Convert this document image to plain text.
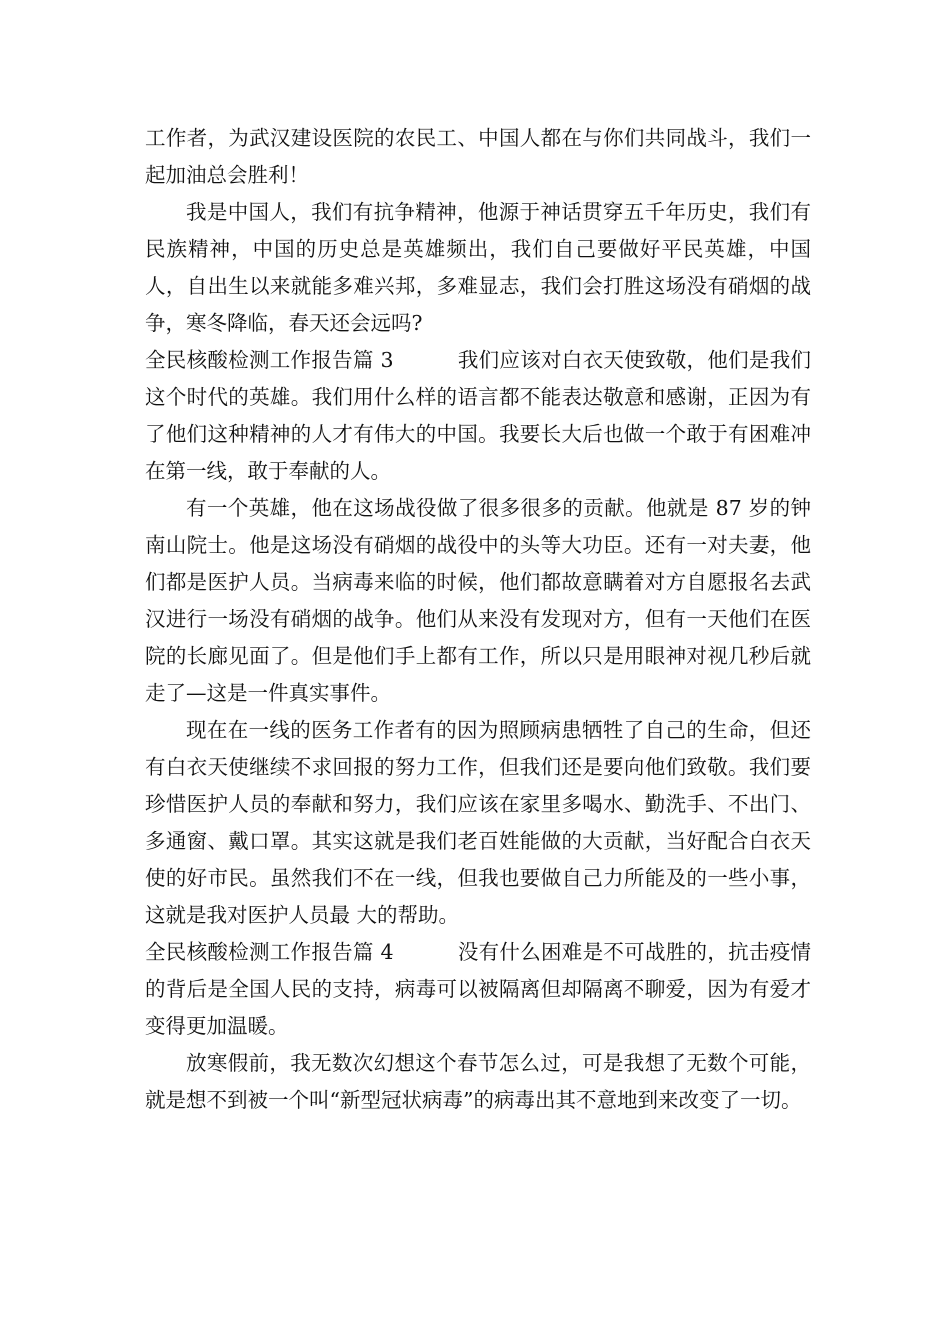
工作者，为武汉建设医院的农民工、中国人都在与你们共同战斗，我们一起加油总会胜利！

我是中国人，我们有抗争精神，他源于神话贯穿五千年历史，我们有民族精神，中国的历史总是英雄频出，我们自己要做好平民英雄，中国人，自出生以来就能多难兴邦，多难显志，我们会打胜这场没有硝烟的战争，寒冬降临，春天还会远吗?

全民核酸检测工作报告篇 3	我们应该对白衣天使致敬，他们是我们这个时代的英雄。我们用什么样的语言都不能表达敬意和感谢，正因为有了他们这种精神的人才有伟大的中国。我要长大后也做一个敢于有困难冲在第一线，敢于奉献的人。

有一个英雄，他在这场战役做了很多很多的贡献。他就是 87 岁的钟南山院士。他是这场没有硝烟的战役中的头等大功臣。还有一对夫妻，他们都是医护人员。当病毒来临的时候，他们都故意瞒着对方自愿报名去武汉进行一场没有硝烟的战争。他们从来没有发现对方，但有一天他们在医院的长廊见面了。但是他们手上都有工作，所以只是用眼神对视几秒后就走了—这是一件真实事件。

现在在一线的医务工作者有的因为照顾病患牺牲了自己的生命，但还有白衣天使继续不求回报的努力工作，但我们还是要向他们致敬。我们要珍惜医护人员的奉献和努力，我们应该在家里多喝水、勤洗手、不出门、多通窗、戴口罩。其实这就是我们老百姓能做的大贡献，当好配合白衣天使的好市民。虽然我们不在一线，但我也要做自己力所能及的一些小事，这就是我对医护人员最 大的帮助。

全民核酸检测工作报告篇 4	没有什么困难是不可战胜的，抗击疫情的背后是全国人民的支持，病毒可以被隔离但却隔离不聊爱，因为有爱才变得更加温暖。

放寒假前，我无数次幻想这个春节怎么过，可是我想了无数个可能，就是想不到被一个叫“新型冠状病毒”的病毒出其不意地到来改变了一切。
